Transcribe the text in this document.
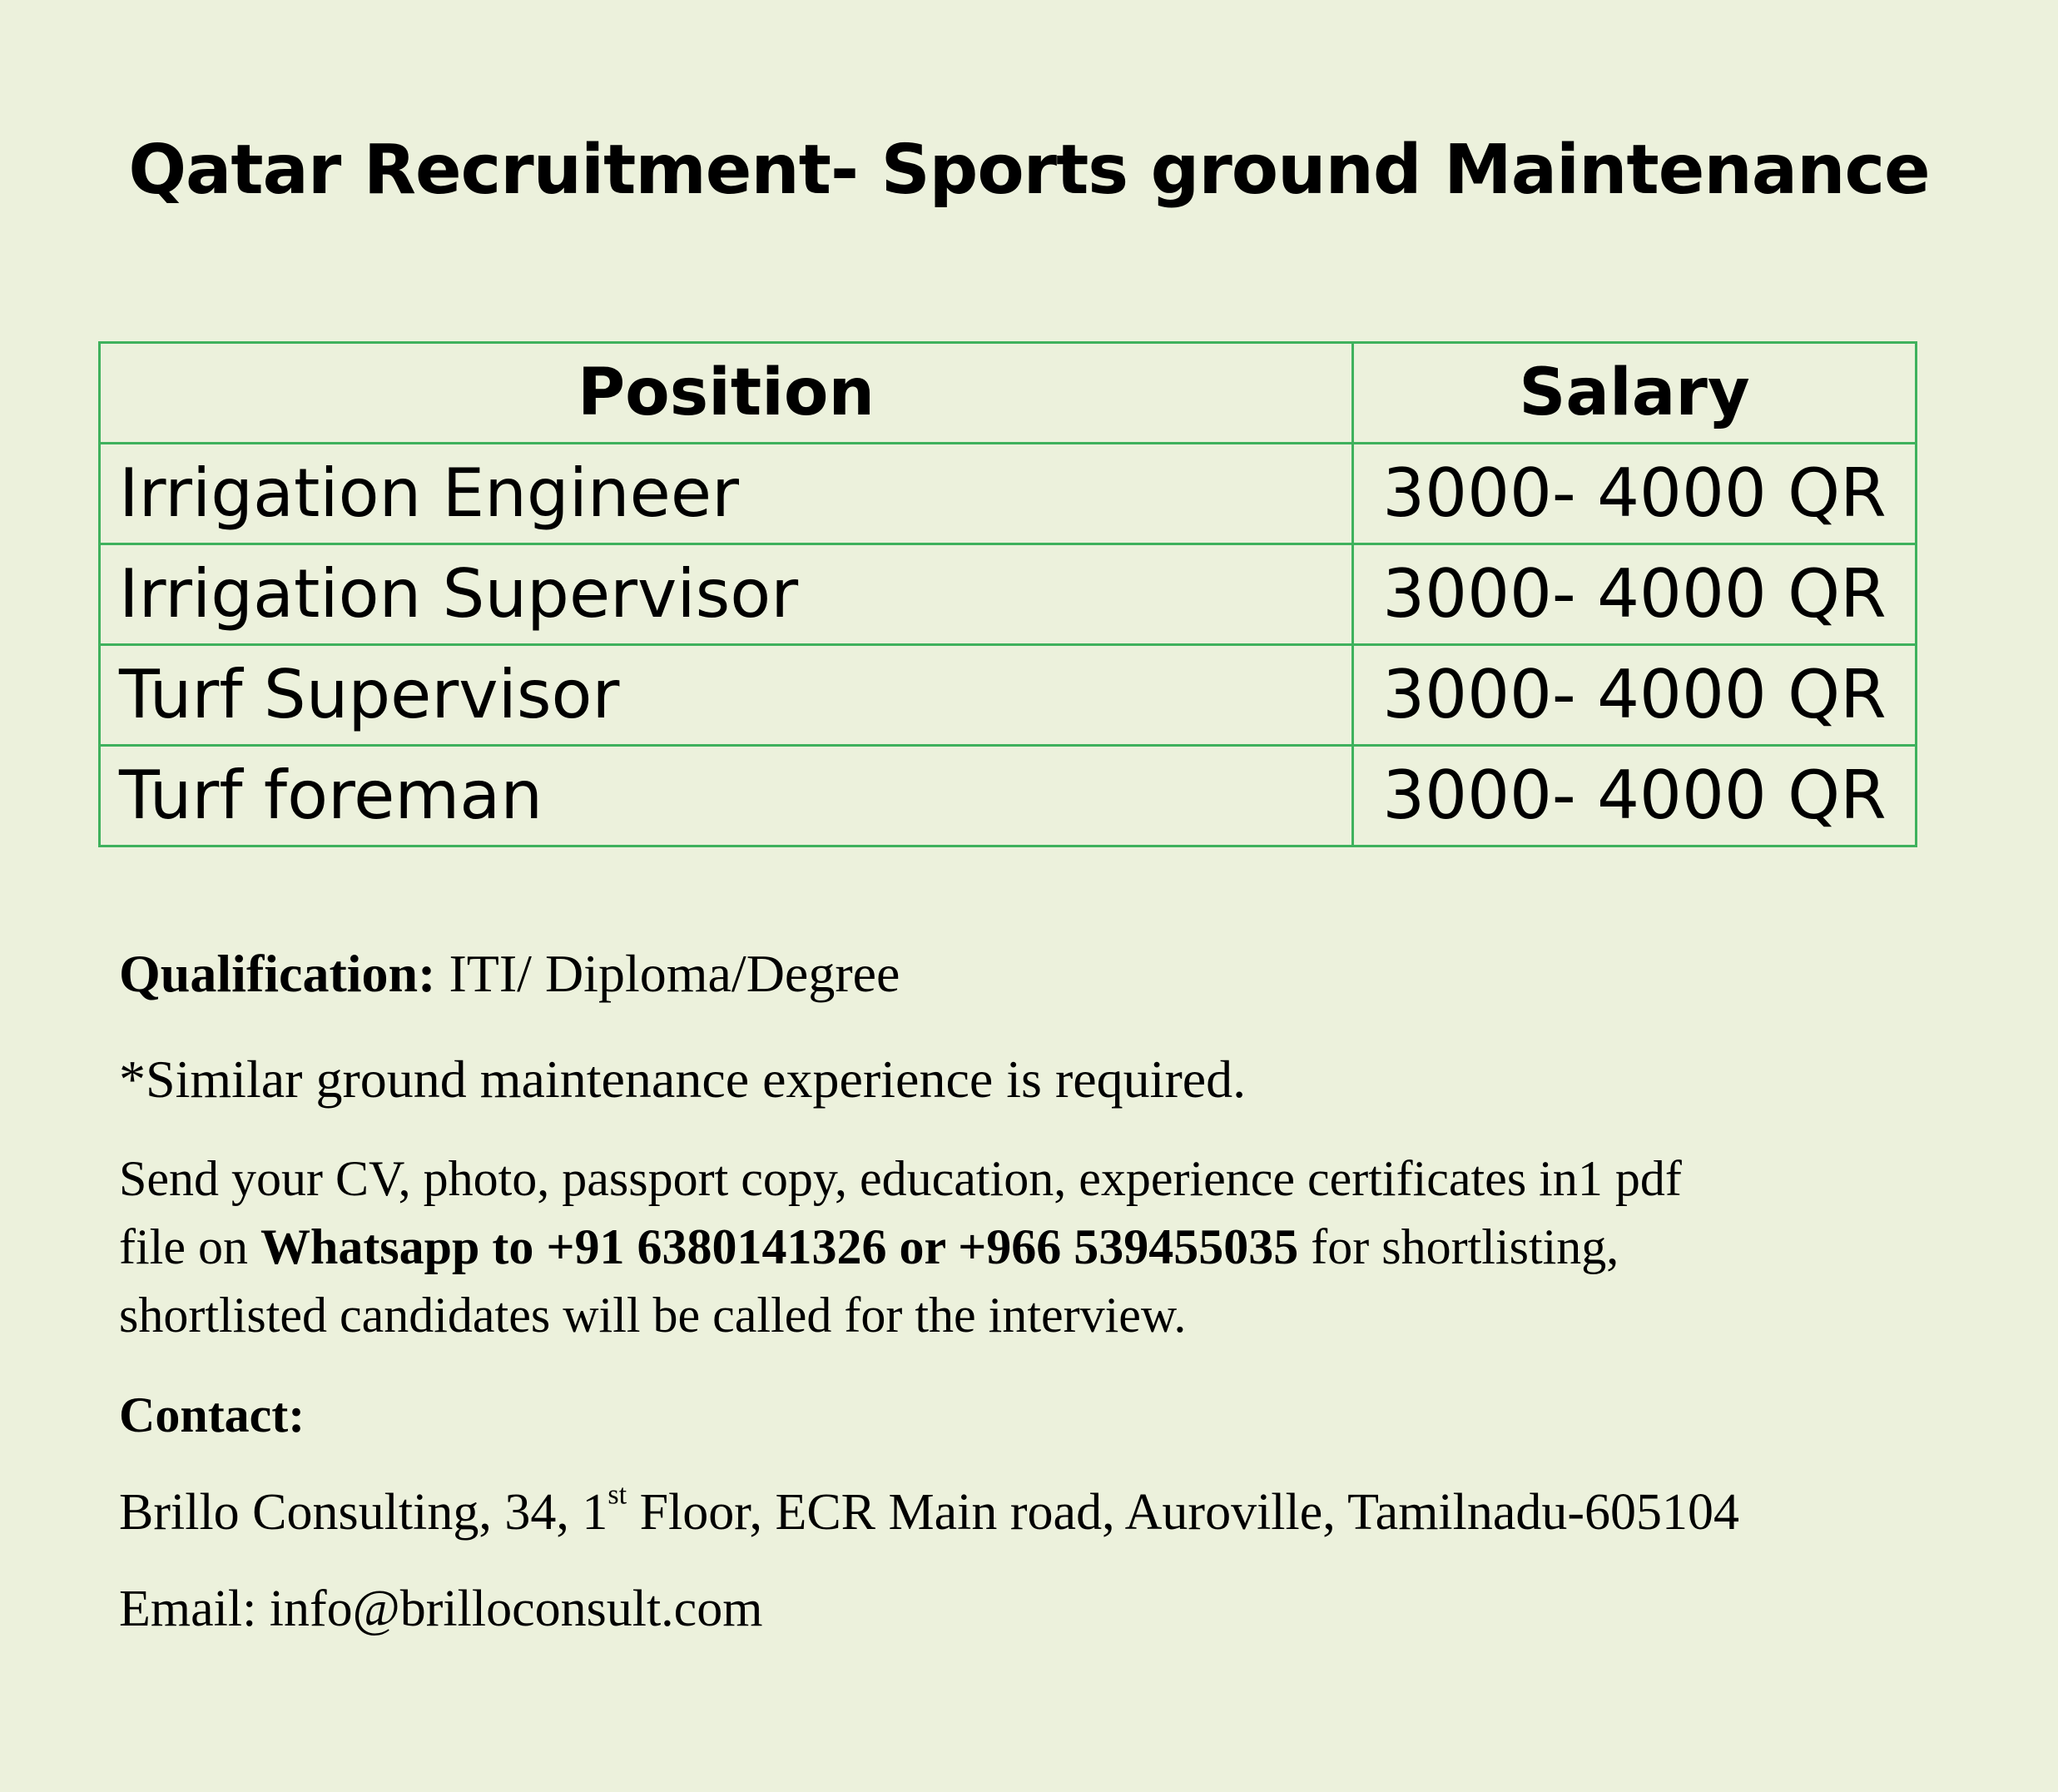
Qatar Recruitment- Sports ground Maintenance
Position	Salary
Irrigation Engineer	3000- 4000 QR
Irrigation Supervisor	3000- 4000 QR
Turf Supervisor	3000- 4000 QR
Turf foreman	3000- 4000 QR
Qualification: ITI/ Diploma/Degree
*Similar ground maintenance experience is required.
Send your CV, photo, passport copy, education, experience certificates in1 pdf
file on Whatsapp to +91 6380141326 or +966 539455035 for shortlisting,
shortlisted candidates will be called for the interview.
Contact:
Brillo Consulting, 34, 1st Floor, ECR Main road, Auroville, Tamilnadu-605104
Email: info@brilloconsult.com
